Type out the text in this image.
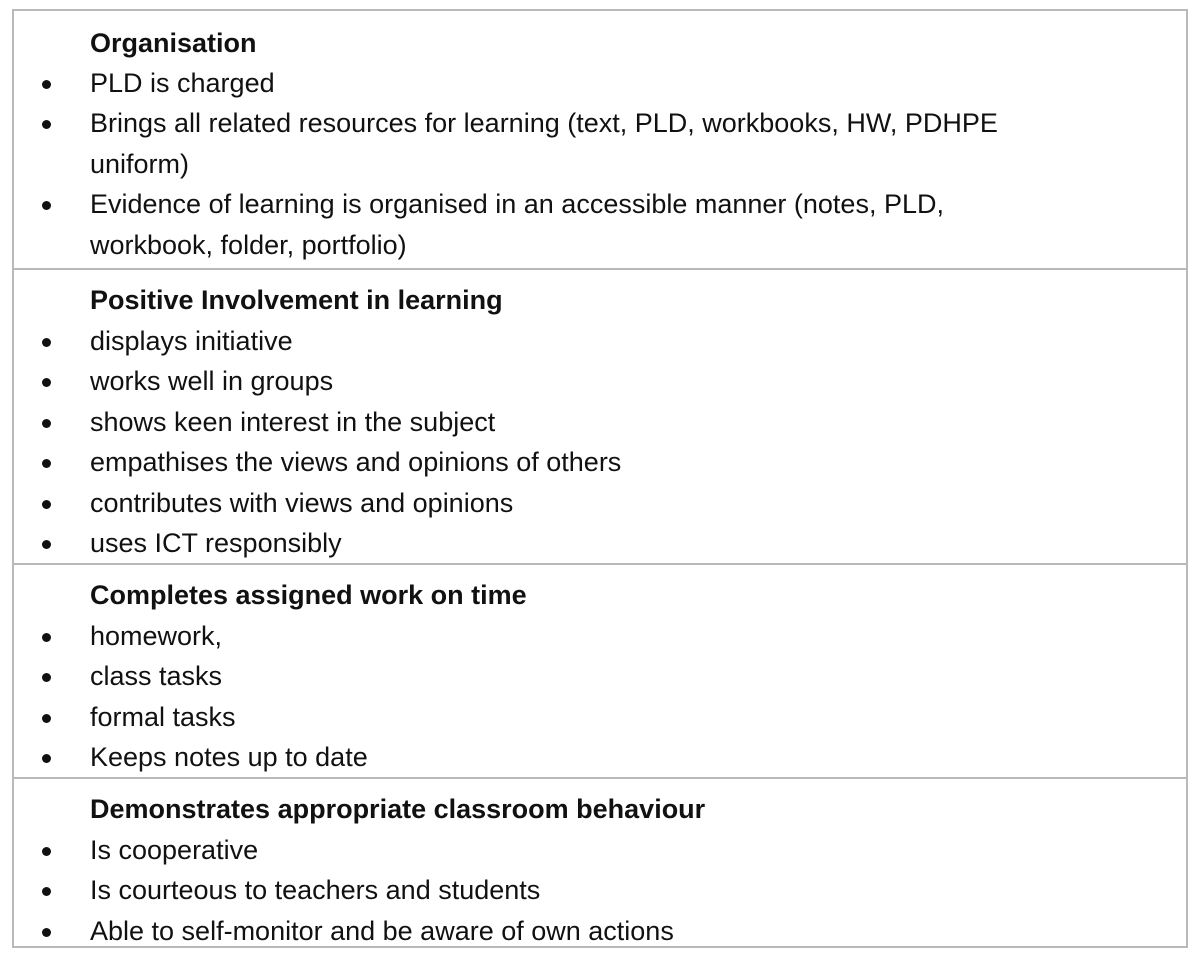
Organisation
PLD is charged
Brings all related resources for learning (text, PLD, workbooks, HW, PDHPE
uniform)
Evidence of learning is organised in an accessible manner (notes, PLD,
workbook, folder, portfolio)
Positive Involvement in learning
displays initiative
works well in groups
shows keen interest in the subject
empathises the views and opinions of others
contributes with views and opinions
uses ICT responsibly
Completes assigned work on time
homework,
class tasks
formal tasks
Keeps notes up to date
Demonstrates appropriate classroom behaviour
Is cooperative
Is courteous to teachers and students
Able to self-monitor and be aware of own actions
